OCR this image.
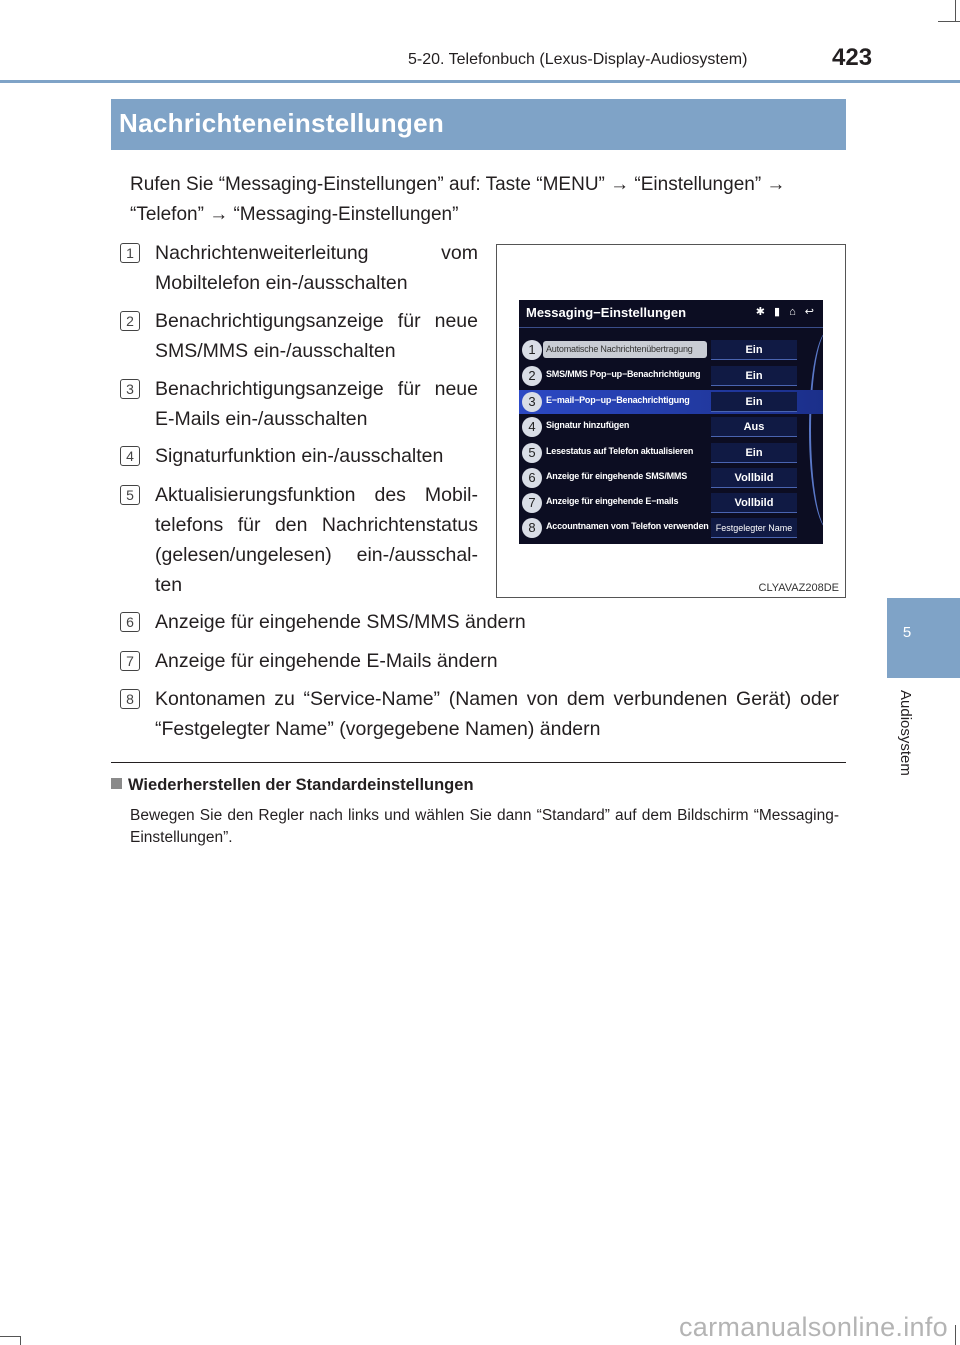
5-20. Telefonbuch (Lexus-Display-Audiosystem)	423
5
Audiosystem
Nachrichteneinstellungen

Rufen Sie “Messaging-Einstellungen” auf: Taste “MENU” → “Einstellungen” → “Telefon” → “Messaging-Einstellungen”

1	Nachrichtenweiterleitung vom Mobiltelefon ein-/ausschalten
2	Benachrichtigungsanzeige für neue SMS/MMS ein-/ausschalten
3	Benachrichtigungsanzeige für neue E-Mails ein-/ausschalten
4	Signaturfunktion ein-/ausschalten
5	Aktualisierungsfunktion des Mobiltelefons für den Nachrichtenstatus (gelesen/ungelesen) ein-/ausschalten
6	Anzeige für eingehende SMS/MMS ändern
7	Anzeige für eingehende E-Mails ändern
8	Kontonamen zu “Service-Name” (Namen von dem verbundenen Gerät) oder “Festgelegter Name” (vorgegebene Namen) ändern
Messaging−Einstellungen	✱ ▮ ⌂ ↩
1	Automatische Nachrichtenübertragung	Ein
2	SMS/MMS Pop−up−Benachrichtigung	Ein
3	E−mail−Pop−up−Benachrichtigung	Ein
4	Signatur hinzufügen	Aus
5	Lesestatus auf Telefon aktualisieren	Ein
6	Anzeige für eingehende SMS/MMS	Vollbild
7	Anzeige für eingehende E−mails	Vollbild
8	Accountnamen vom Telefon verwenden Festgelegter Name
CLYAVAZ208DE
Wiederherstellen der Standardeinstellungen

Bewegen Sie den Regler nach links und wählen Sie dann “Standard” auf dem Bildschirm “Messaging-Einstellungen”.

carmanualsonline.info
